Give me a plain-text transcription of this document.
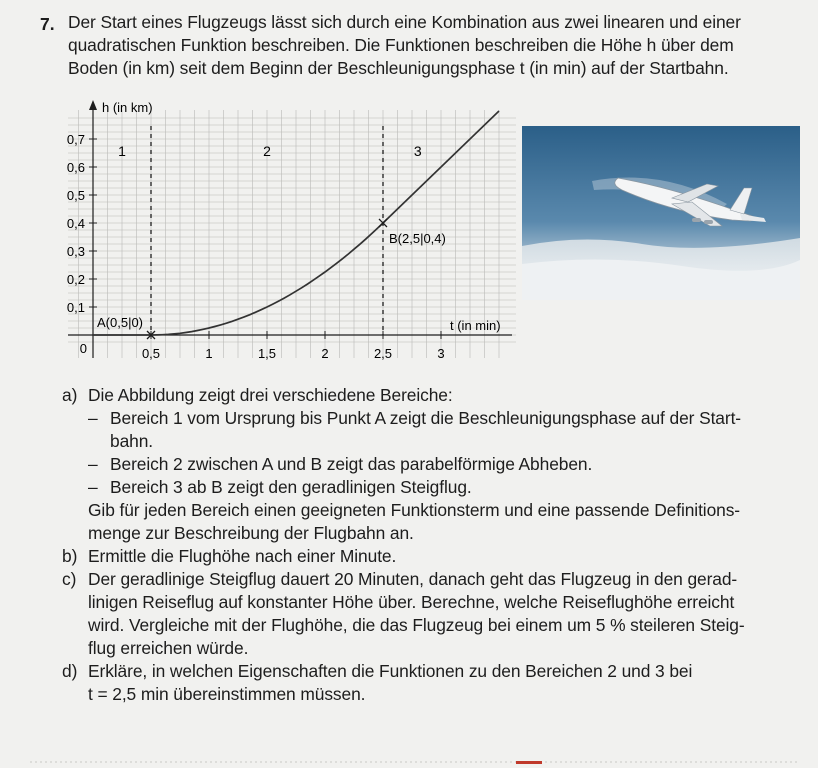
7. Der Start eines Flugzeugs lässt sich durch eine Kombination aus zwei linearen und einer
quadratischen Funktion beschreiben. Die Funktionen beschreiben die Höhe h über dem
Boden (in km) seit dem Beginn der Beschleunigungsphase t (in min) auf der Startbahn.
h (in km)
t (in min)
0	0,5	1	1,5	2	2,5	3
0,1
0,2
0,3
0,4
0,5
0,6
0,7
1	2	3
A(0,5|0)
B(2,5|0,4)
a) Die Abbildung zeigt drei verschiedene Bereiche:
– Bereich 1 vom Ursprung bis Punkt A zeigt die Beschleunigungsphase auf der Start-
bahn.
– Bereich 2 zwischen A und B zeigt das parabelförmige Abheben.
– Bereich 3 ab B zeigt den geradlinigen Steigflug.
Gib für jeden Bereich einen geeigneten Funktionsterm und eine passende Definitions-
menge zur Beschreibung der Flugbahn an.
b) Ermittle die Flughöhe nach einer Minute.
c) Der geradlinige Steigflug dauert 20 Minuten, danach geht das Flugzeug in den gerad-
linigen Reiseflug auf konstanter Höhe über. Berechne, welche Reiseflughöhe erreicht
wird. Vergleiche mit der Flughöhe, die das Flugzeug bei einem um 5 % steileren Steig-
flug erreichen würde.
d) Erkläre, in welchen Eigenschaften die Funktionen zu den Bereichen 2 und 3 bei
t = 2,5 min übereinstimmen müssen.
